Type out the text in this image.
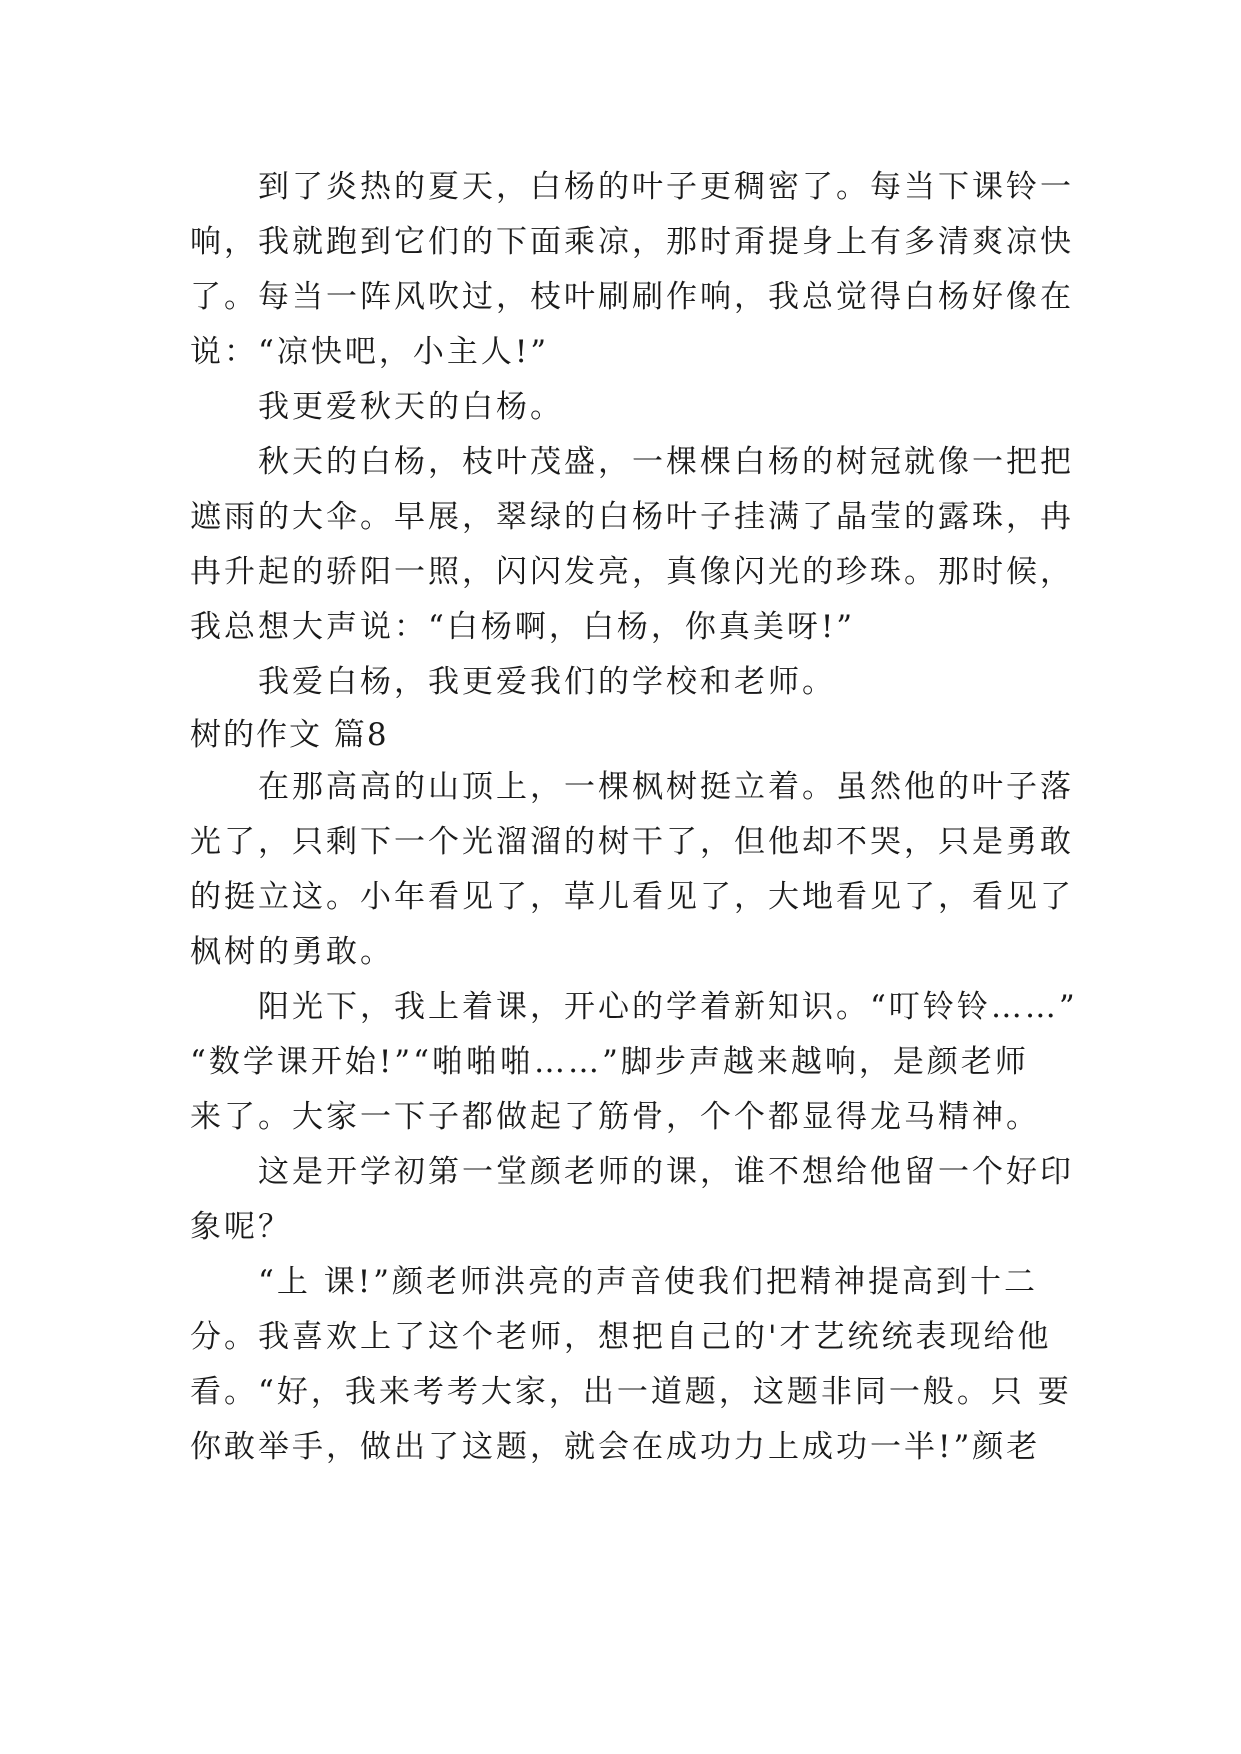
到了炎热的夏天，白杨的叶子更稠密了。每当下课铃一
响，我就跑到它们的下面乘凉，那时甭提身上有多清爽凉快
了。每当一阵风吹过，枝叶刷刷作响，我总觉得白杨好像在
说：“凉快吧，小主人!”
我更爱秋天的白杨。
秋天的白杨，枝叶茂盛，一棵棵白杨的树冠就像一把把
遮雨的大伞。早展，翠绿的白杨叶子挂满了晶莹的露珠，冉
冉升起的骄阳一照，闪闪发亮，真像闪光的珍珠。那时候，
我总想大声说：“白杨啊，白杨，你真美呀!”
我爱白杨，我更爱我们的学校和老师。
树的作文 篇8
在那高高的山顶上，一棵枫树挺立着。虽然他的叶子落
光了，只剩下一个光溜溜的树干了，但他却不哭，只是勇敢
的挺立这。小年看见了，草儿看见了，大地看见了，看见了
枫树的勇敢。
阳光下，我上着课，开心的学着新知识。“叮铃铃……”
“数学课开始!”“啪啪啪……”脚步声越来越响，是颜老师
来了。大家一下子都做起了筋骨，个个都显得龙马精神。
这是开学初第一堂颜老师的课，谁不想给他留一个好印
象呢？
“上 课!”颜老师洪亮的声音使我们把精神提高到十二
分。我喜欢上了这个老师，想把自己的'才艺统统表现给他
看。“好，我来考考大家，出一道题，这题非同一般。只 要
你敢举手，做出了这题，就会在成功力上成功一半!”颜老
